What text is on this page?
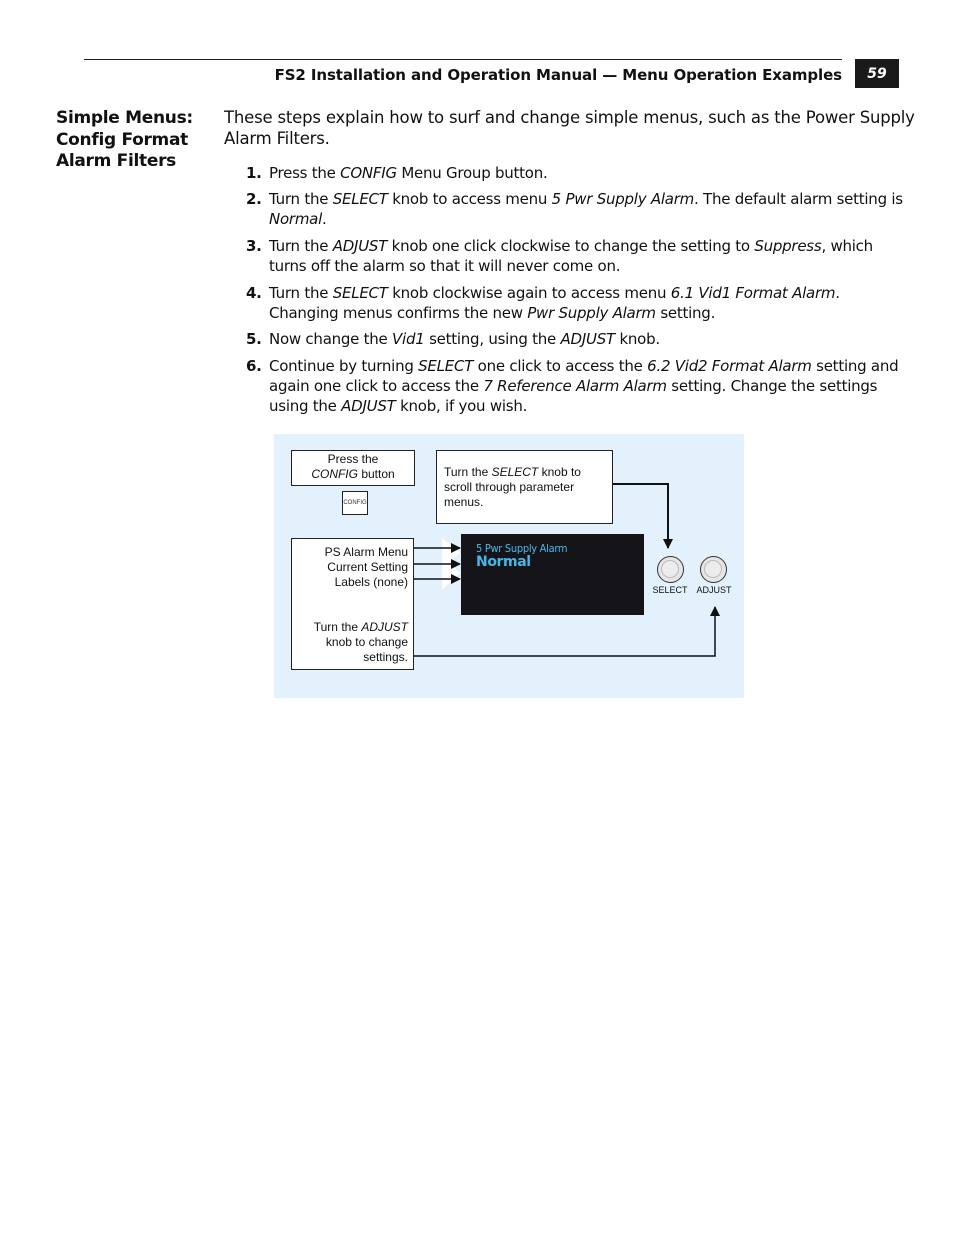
FS2 Installation and Operation Manual — Menu Operation Examples	59
Simple Menus:
Config Format
Alarm Filters
These steps explain how to surf and change simple menus, such as the Power Supply
Alarm Filters.
1. Press the CONFIG Menu Group button.
2. Turn the SELECT knob to access menu 5 Pwr Supply Alarm. The default alarm setting is
Normal.
3. Turn the ADJUST knob one click clockwise to change the setting to Suppress, which
turns off the alarm so that it will never come on.
4. Turn the SELECT knob clockwise again to access menu 6.1 Vid1 Format Alarm.
Changing menus confirms the new Pwr Supply Alarm setting.
5. Now change the Vid1 setting, using the ADJUST knob.
6. Continue by turning SELECT one click to access the 6.2 Vid2 Format Alarm setting and
again one click to access the 7 Reference Alarm Alarm setting. Change the settings
using the ADJUST knob, if you wish.
Press the
CONFIG button
CONFIG
Turn the SELECT knob to
scroll through parameter
menus.
PS Alarm Menu
Current Setting
Labels (none)
Turn the ADJUST
knob to change
settings.
5 Pwr Supply Alarm
Normal
SELECT ADJUST
